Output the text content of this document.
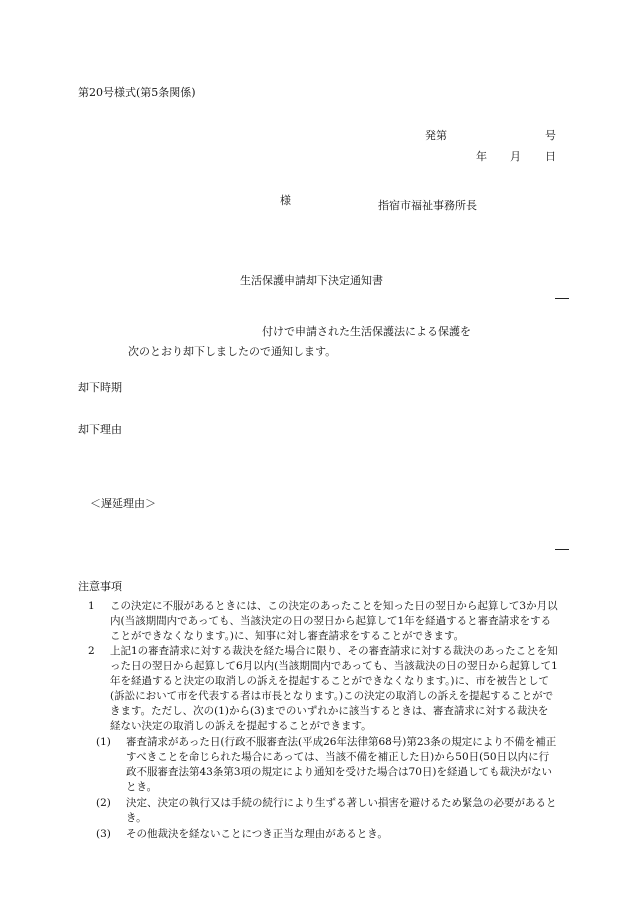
第20号様式(第5条関係)
発第	号
年 月 日
様	指宿市福祉事務所長
生活保護申請却下決定通知書
付けで申請された生活保護法による保護を
次のとおり却下しましたので通知します。
却下時期
却下理由
＜遅延理由＞
注意事項
1	この決定に不服があるときには、この決定のあったことを知った日の翌日から起算して3か月以内(当該期間内であっても、当該決定の日の翌日から起算して1年を経過すると審査請求をすることができなくなります。)に、知事に対し審査請求をすることができます。
2	上記1の審査請求に対する裁決を経た場合に限り、その審査請求に対する裁決のあったことを知った日の翌日から起算して6月以内(当該期間内であっても、当該裁決の日の翌日から起算して1年を経過すると決定の取消しの訴えを提起することができなくなります。)に、市を被告として(訴訟において市を代表する者は市長となります。)この決定の取消しの訴えを提起することができます。ただし、次の(1)から(3)までのいずれかに該当するときは、審査請求に対する裁決を経ない決定の取消しの訴えを提起することができます。
(1)	審査請求があった日(行政不服審査法(平成26年法律第68号)第23条の規定により不備を補正すべきことを命じられた場合にあっては、当該不備を補正した日)から50日(50日以内に行政不服審査法第43条第3項の規定により通知を受けた場合は70日)を経過しても裁決がないとき。
(2)	決定、決定の執行又は手続の続行により生ずる著しい損害を避けるため緊急の必要があるとき。
(3)	その他裁決を経ないことにつき正当な理由があるとき。
